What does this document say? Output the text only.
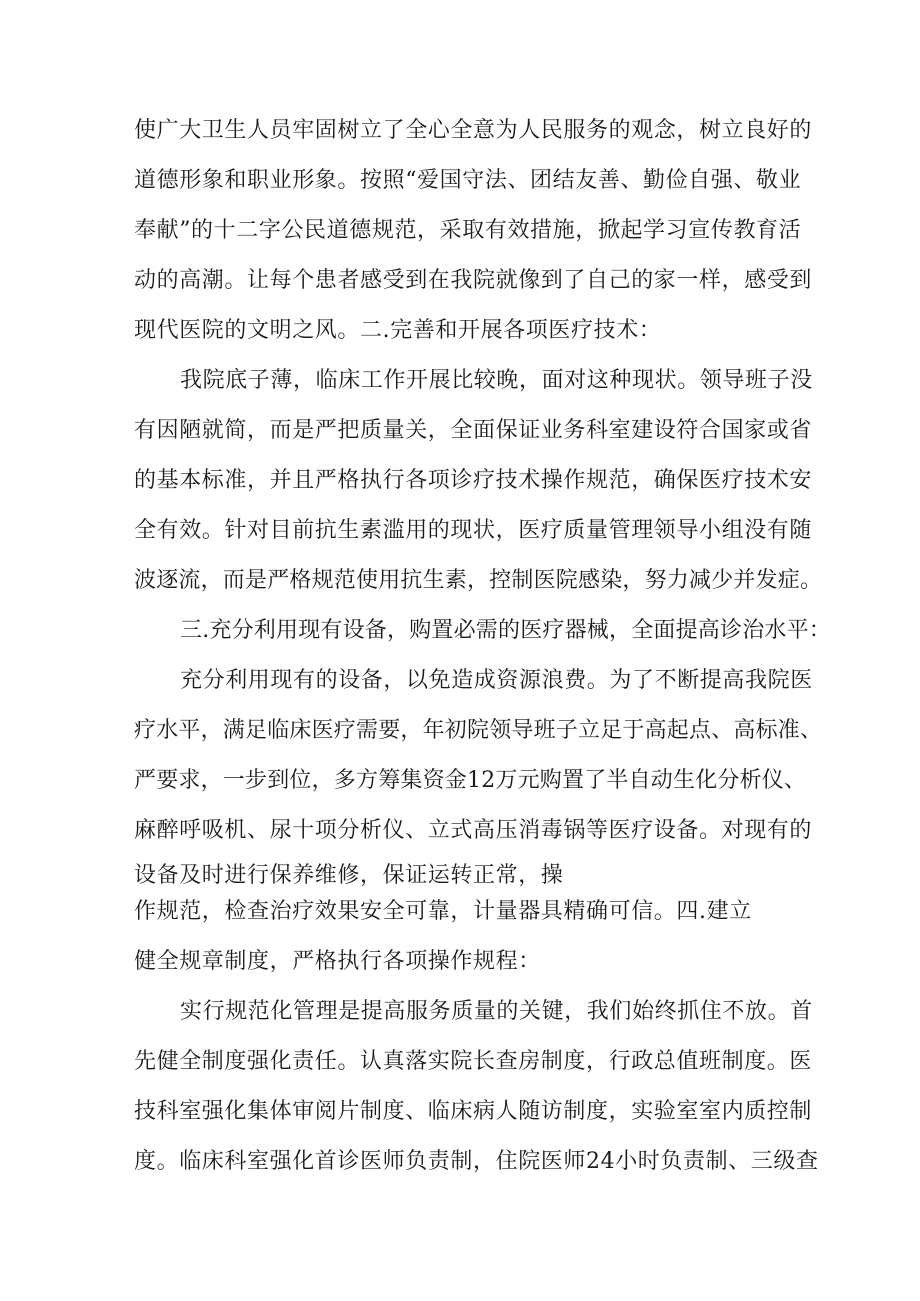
使广大卫生人员牢固树立了全心全意为人民服务的观念，树立良好的
道德形象和职业形象。按照“爱国守法、团结友善、勤俭自强、敬业
奉献”的十二字公民道德规范，采取有效措施，掀起学习宣传教育活
动的高潮。让每个患者感受到在我院就像到了自己的家一样，感受到
现代医院的文明之风。二.完善和开展各项医疗技术：
我院底子薄，临床工作开展比较晚，面对这种现状。领导班子没
有因陋就简，而是严把质量关，全面保证业务科室建设符合国家或省
的基本标准，并且严格执行各项诊疗技术操作规范，确保医疗技术安
全有效。针对目前抗生素滥用的现状，医疗质量管理领导小组没有随
波逐流，而是严格规范使用抗生素，控制医院感染，努力减少并发症。
三.充分利用现有设备，购置必需的医疗器械，全面提高诊治水平：
充分利用现有的设备，以免造成资源浪费。为了不断提高我院医
疗水平，满足临床医疗需要，年初院领导班子立足于高起点、高标准、
严要求，一步到位，多方筹集资金12万元购置了半自动生化分析仪、
麻醉呼吸机、尿十项分析仪、立式高压消毒锅等医疗设备。对现有的
设备及时进行保养维修，保证运转正常，操
作规范，检查治疗效果安全可靠，计量器具精确可信。四.建立
健全规章制度，严格执行各项操作规程：
实行规范化管理是提高服务质量的关键，我们始终抓住不放。首
先健全制度强化责任。认真落实院长查房制度，行政总值班制度。医
技科室强化集体审阅片制度、临床病人随访制度，实验室室内质控制
度。临床科室强化首诊医师负责制，住院医师24小时负责制、三级查
